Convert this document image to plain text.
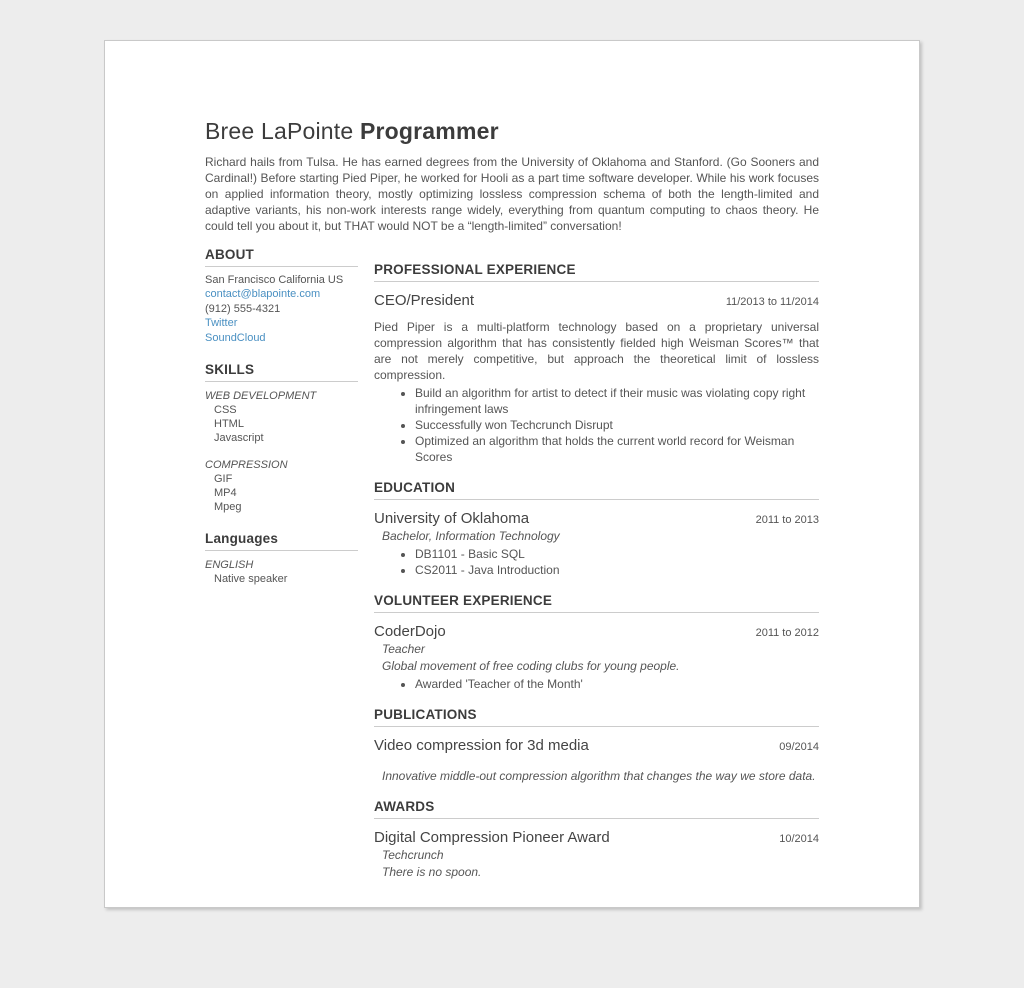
Bree LaPointe Programmer

Richard hails from Tulsa. He has earned degrees from the University of Oklahoma and Stanford. (Go Sooners and Cardinal!) Before starting Pied Piper, he worked for Hooli as a part time software developer. While his work focuses on applied information theory, mostly optimizing lossless compression schema of both the length-limited and adaptive variants, his non-work interests range widely, everything from quantum computing to chaos theory. He could tell you about it, but THAT would NOT be a “length-limited” conversation!

ABOUT
San Francisco California US
contact@blapointe.com
(912) 555-4321
Twitter
SoundCloud
SKILLS
WEB DEVELOPMENT
CSS
HTML
Javascript
COMPRESSION
GIF
MP4
Mpeg
Languages
ENGLISH
Native speaker
PROFESSIONAL EXPERIENCE
CEO/President	11/2013 to 11/2014

Pied Piper is a multi-platform technology based on a proprietary universal compression algorithm that has consistently fielded high Weisman Scores™ that are not merely competitive, but approach the theoretical limit of lossless compression.

• Build an algorithm for artist to detect if their music was violating copy right infringement laws
• Successfully won Techcrunch Disrupt
• Optimized an algorithm that holds the current world record for Weisman Scores
EDUCATION
University of Oklahoma	2011 to 2013
Bachelor, Information Technology
• DB1101 - Basic SQL
• CS2011 - Java Introduction
VOLUNTEER EXPERIENCE
CoderDojo	2011 to 2012
Teacher
Global movement of free coding clubs for young people.
• Awarded 'Teacher of the Month'
PUBLICATIONS
Video compression for 3d media	09/2014
Innovative middle-out compression algorithm that changes the way we store data.
AWARDS
Digital Compression Pioneer Award	10/2014
Techcrunch
There is no spoon.
